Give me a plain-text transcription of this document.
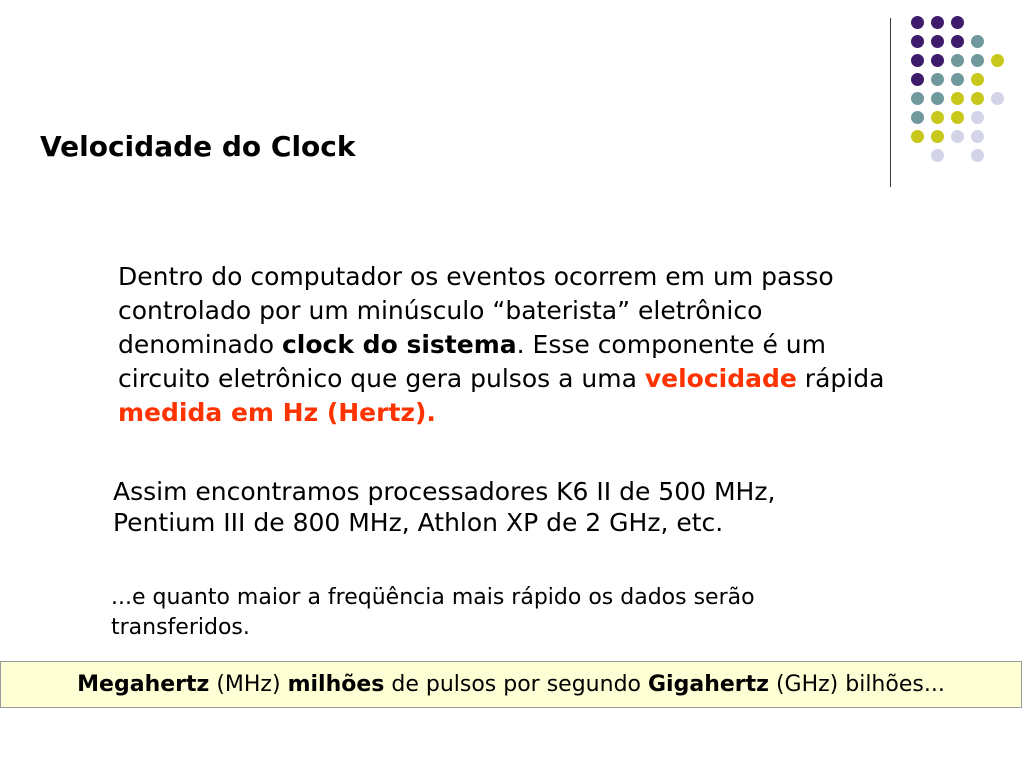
Velocidade do Clock
Dentro do computador os eventos ocorrem em um passo
controlado por um minúsculo “baterista” eletrônico
denominado clock do sistema. Esse componente é um
circuito eletrônico que gera pulsos a uma velocidade rápida
medida em Hz (Hertz).
Assim encontramos processadores K6 II de 500 MHz,
Pentium III de 800 MHz, Athlon XP de 2 GHz, etc.
...e quanto maior a freqüência mais rápido os dados serão
transferidos.
Megahertz (MHz) milhões de pulsos por segundo Gigahertz (GHz) bilhões...
